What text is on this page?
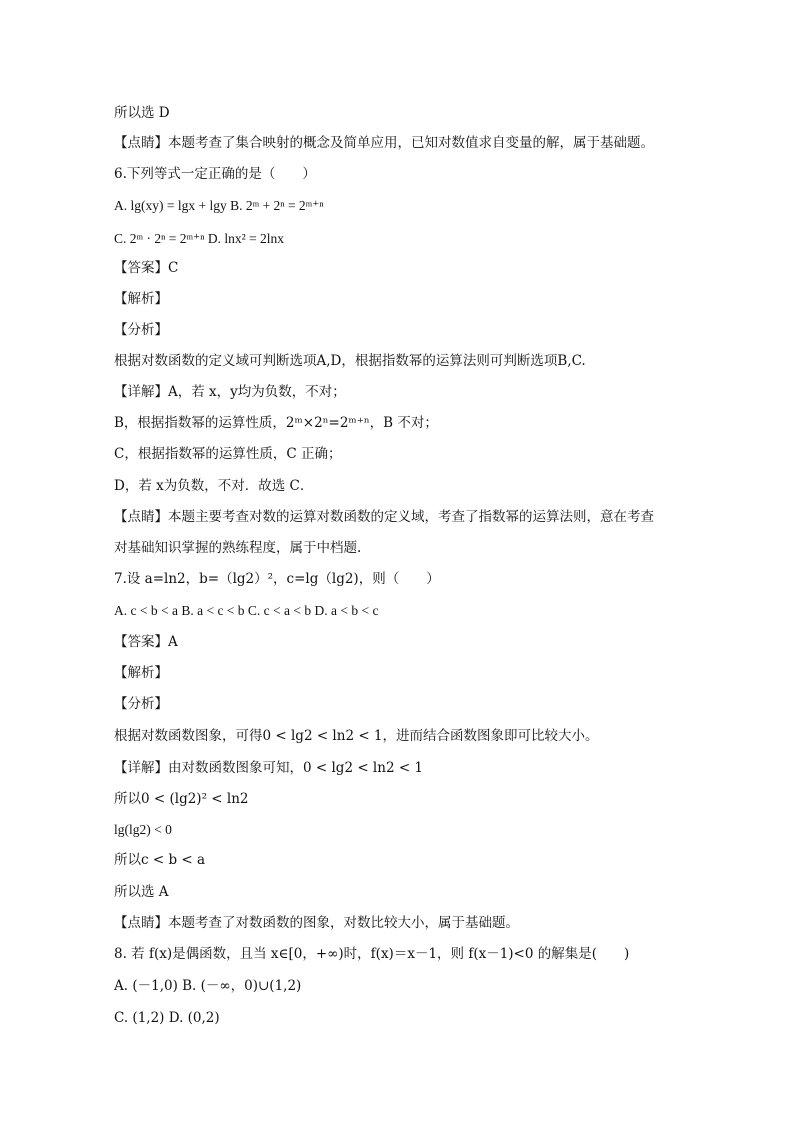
所以选 D
【点睛】本题考查了集合映射的概念及简单应用，已知对数值求自变量的解，属于基础题。
6.下列等式一定正确的是（　　）
A. lg(xy) = lgx + lgy B. 2ᵐ + 2ⁿ = 2ᵐ⁺ⁿ
C. 2ᵐ · 2ⁿ = 2ᵐ⁺ⁿ D. lnx² = 2lnx
【答案】C
【解析】
【分析】
根据对数函数的定义域可判断选项A,D，根据指数幂的运算法则可判断选项B,C.
【详解】A，若 x，y均为负数，不对；
B，根据指数幂的运算性质，2ᵐ×2ⁿ=2ᵐ⁺ⁿ，B 不对；
C，根据指数幂的运算性质，C 正确；
D，若 x为负数，不对．故选 C．
【点睛】本题主要考查对数的运算对数函数的定义域，考查了指数幂的运算法则，意在考查
对基础知识掌握的熟练程度，属于中档题.
7.设 a=ln2，b=（lg2）²，c=lg（lg2)，则（　　）
A. c < b < a B. a < c < b C. c < a < b D. a < b < c
【答案】A
【解析】
【分析】
根据对数函数图象，可得0 < lg2 < ln2 < 1，进而结合函数图象即可比较大小。
【详解】由对数函数图象可知，0 < lg2 < ln2 < 1
所以0 < (lg2)² < ln2
lg(lg2) < 0
所以c < b < a
所以选 A
【点睛】本题考查了对数函数的图象，对数比较大小，属于基础题。
8. 若 f(x)是偶函数，且当 x∈[0，+∞)时，f(x)＝x－1，则 f(x－1)<0 的解集是(　　)
A. (－1,0) B. (－∞，0)∪(1,2)
C. (1,2) D. (0,2)
